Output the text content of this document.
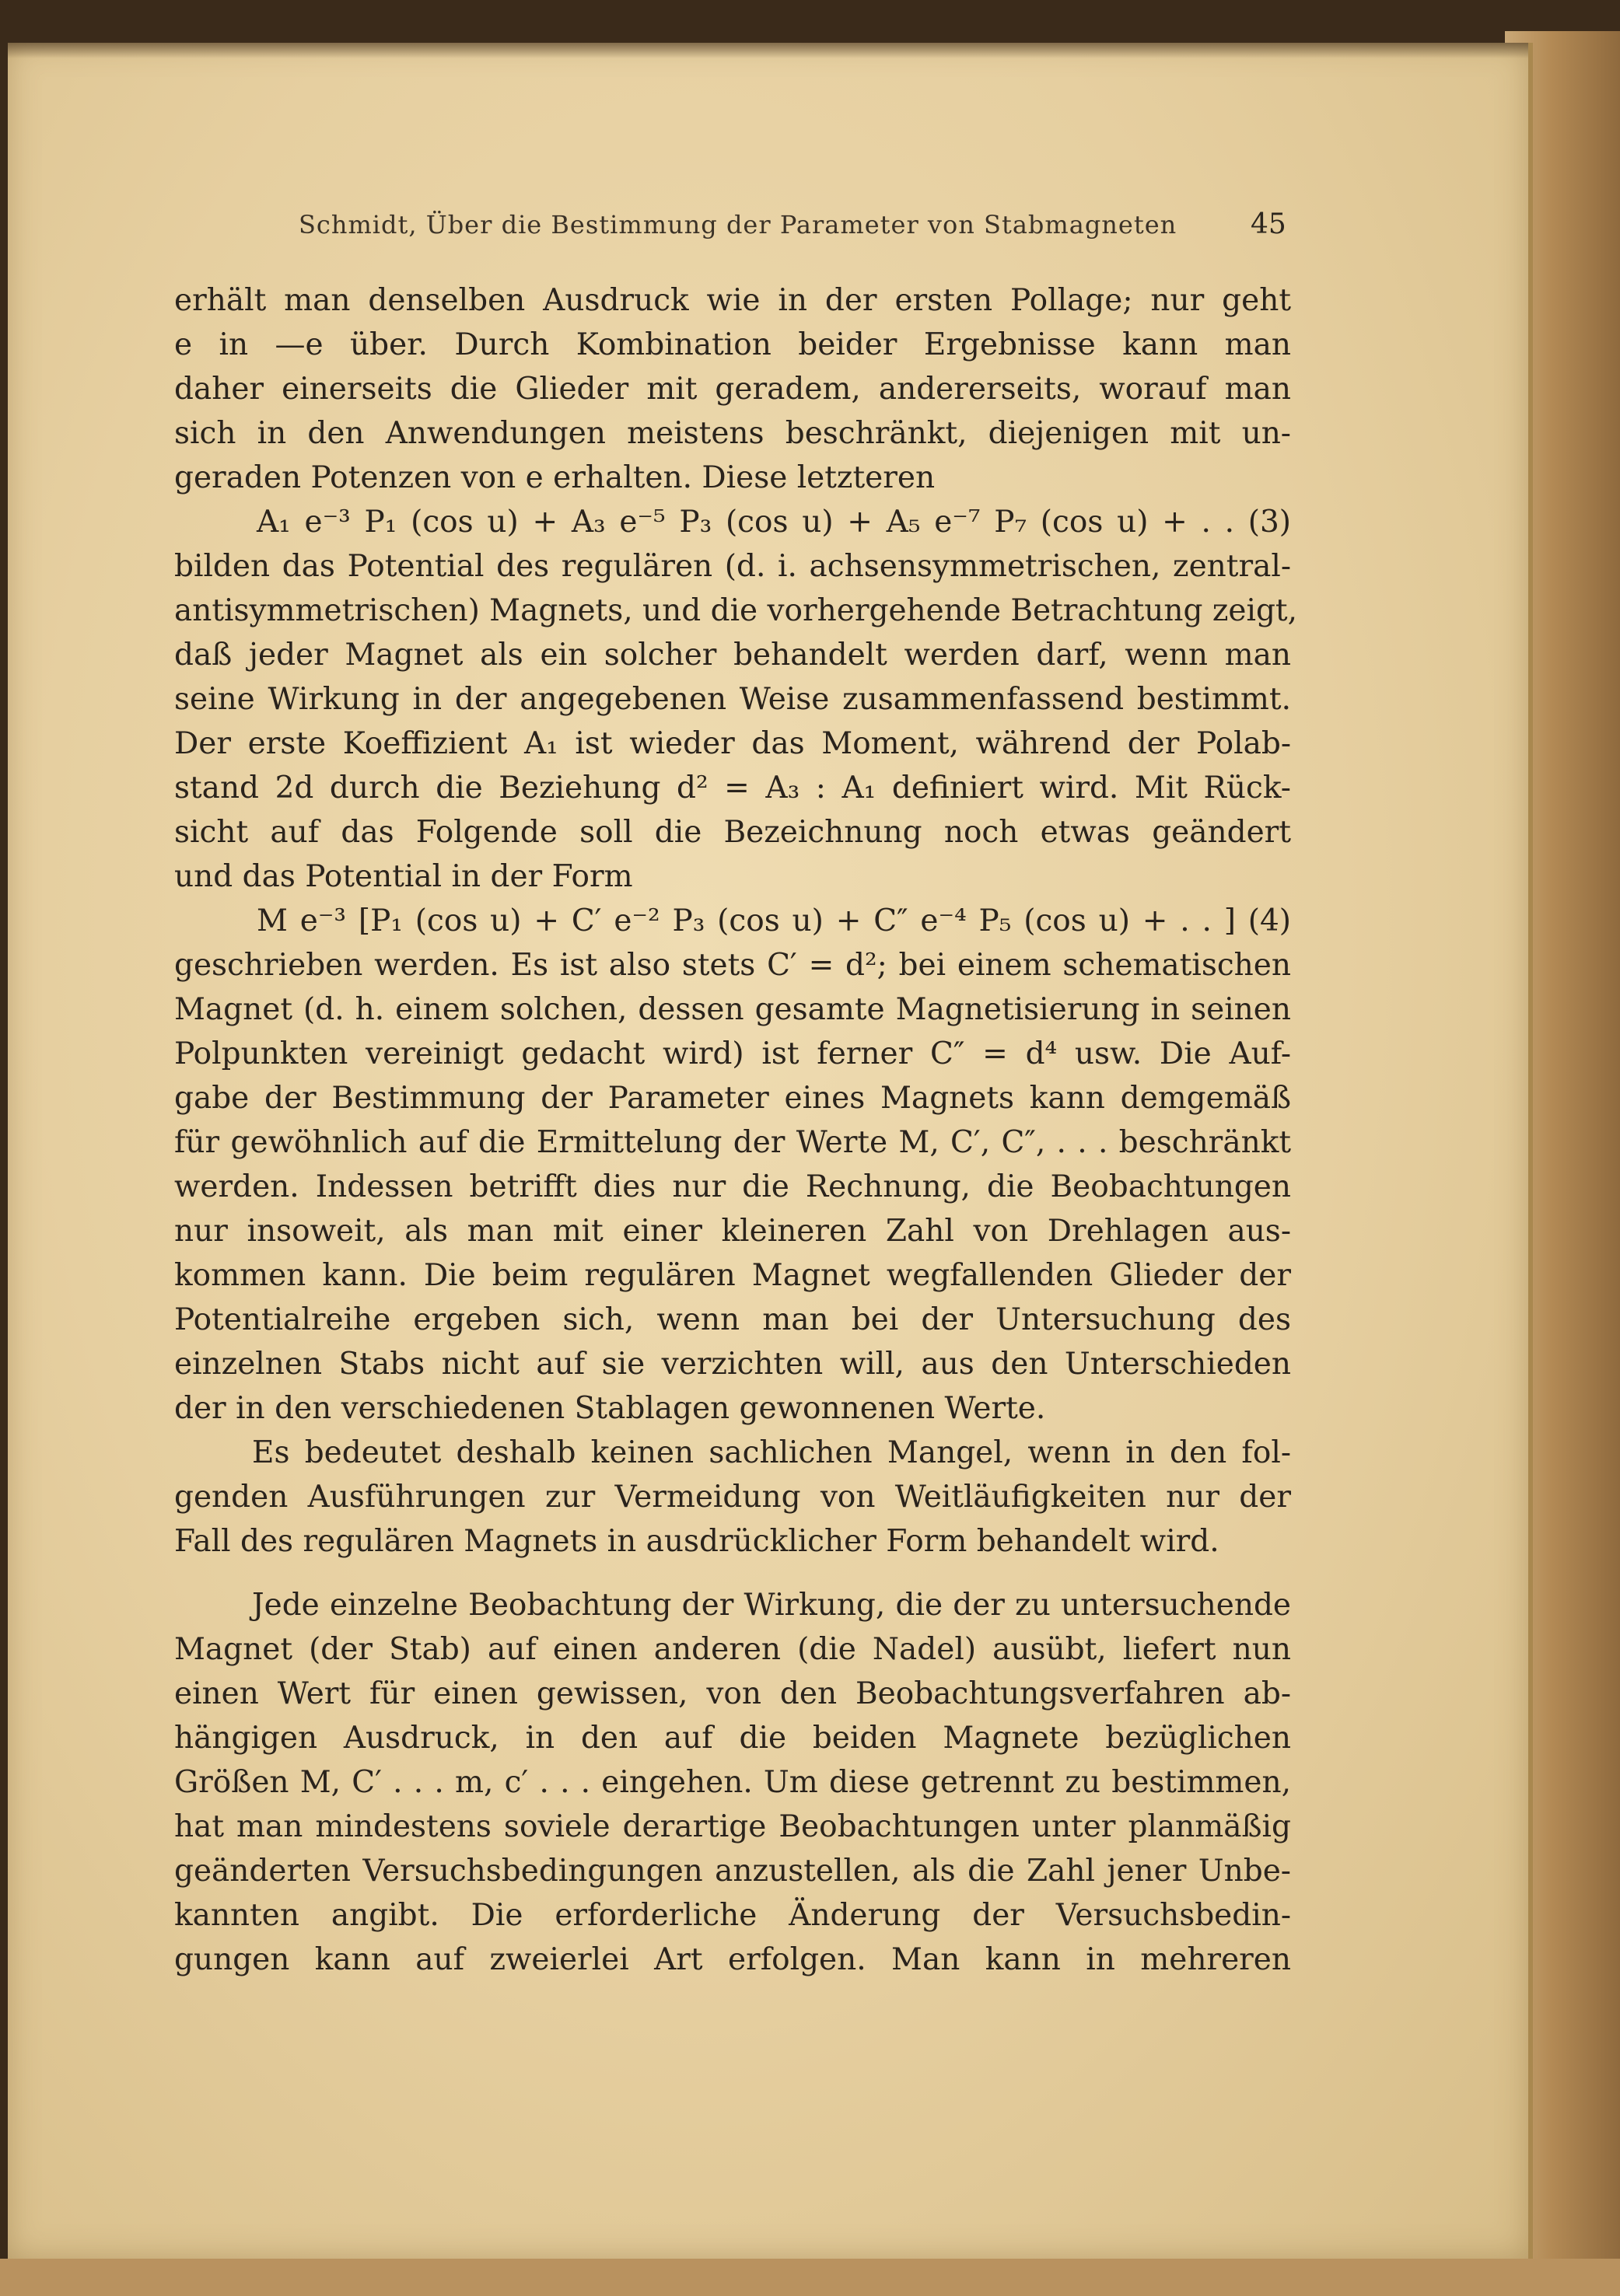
Schmidt, Über die Bestimmung der Parameter von Stabmagneten	45
erhält man denselben Ausdruck wie in der ersten Pollage; nur geht
e in —e über. Durch Kombination beider Ergebnisse kann man
daher einerseits die Glieder mit geradem, andererseits, worauf man
sich in den Anwendungen meistens beschränkt, diejenigen mit un-
geraden Potenzen von e erhalten. Diese letzteren
A₁ e⁻³ P₁ (cos u) + A₃ e⁻⁵ P₃ (cos u) + A₅ e⁻⁷ P₇ (cos u) + . . (3)
bilden das Potential des regulären (d. i. achsensymmetrischen, zentral-
antisymmetrischen) Magnets, und die vorhergehende Betrachtung zeigt,
daß jeder Magnet als ein solcher behandelt werden darf, wenn man
seine Wirkung in der angegebenen Weise zusammenfassend bestimmt.
Der erste Koeffizient A₁ ist wieder das Moment, während der Polab-
stand 2d durch die Beziehung d² = A₃ : A₁ definiert wird. Mit Rück-
sicht auf das Folgende soll die Bezeichnung noch etwas geändert
und das Potential in der Form
M e⁻³ [P₁ (cos u) + C′ e⁻² P₃ (cos u) + C″ e⁻⁴ P₅ (cos u) + . . ] (4)
geschrieben werden. Es ist also stets C′ = d²; bei einem schematischen
Magnet (d. h. einem solchen, dessen gesamte Magnetisierung in seinen
Polpunkten vereinigt gedacht wird) ist ferner C″ = d⁴ usw. Die Auf-
gabe der Bestimmung der Parameter eines Magnets kann demgemäß
für gewöhnlich auf die Ermittelung der Werte M, C′, C″, . . . beschränkt
werden. Indessen betrifft dies nur die Rechnung, die Beobachtungen
nur insoweit, als man mit einer kleineren Zahl von Drehlagen aus-
kommen kann. Die beim regulären Magnet wegfallenden Glieder der
Potentialreihe ergeben sich, wenn man bei der Untersuchung des
einzelnen Stabs nicht auf sie verzichten will, aus den Unterschieden
der in den verschiedenen Stablagen gewonnenen Werte.
Es bedeutet deshalb keinen sachlichen Mangel, wenn in den fol-
genden Ausführungen zur Vermeidung von Weitläufigkeiten nur der
Fall des regulären Magnets in ausdrücklicher Form behandelt wird.
Jede einzelne Beobachtung der Wirkung, die der zu untersuchende
Magnet (der Stab) auf einen anderen (die Nadel) ausübt, liefert nun
einen Wert für einen gewissen, von den Beobachtungsverfahren ab-
hängigen Ausdruck, in den auf die beiden Magnete bezüglichen
Größen M, C′ . . . m, c′ . . . eingehen. Um diese getrennt zu bestimmen,
hat man mindestens soviele derartige Beobachtungen unter planmäßig
geänderten Versuchsbedingungen anzustellen, als die Zahl jener Unbe-
kannten angibt. Die erforderliche Änderung der Versuchsbedin-
gungen kann auf zweierlei Art erfolgen. Man kann in mehreren
